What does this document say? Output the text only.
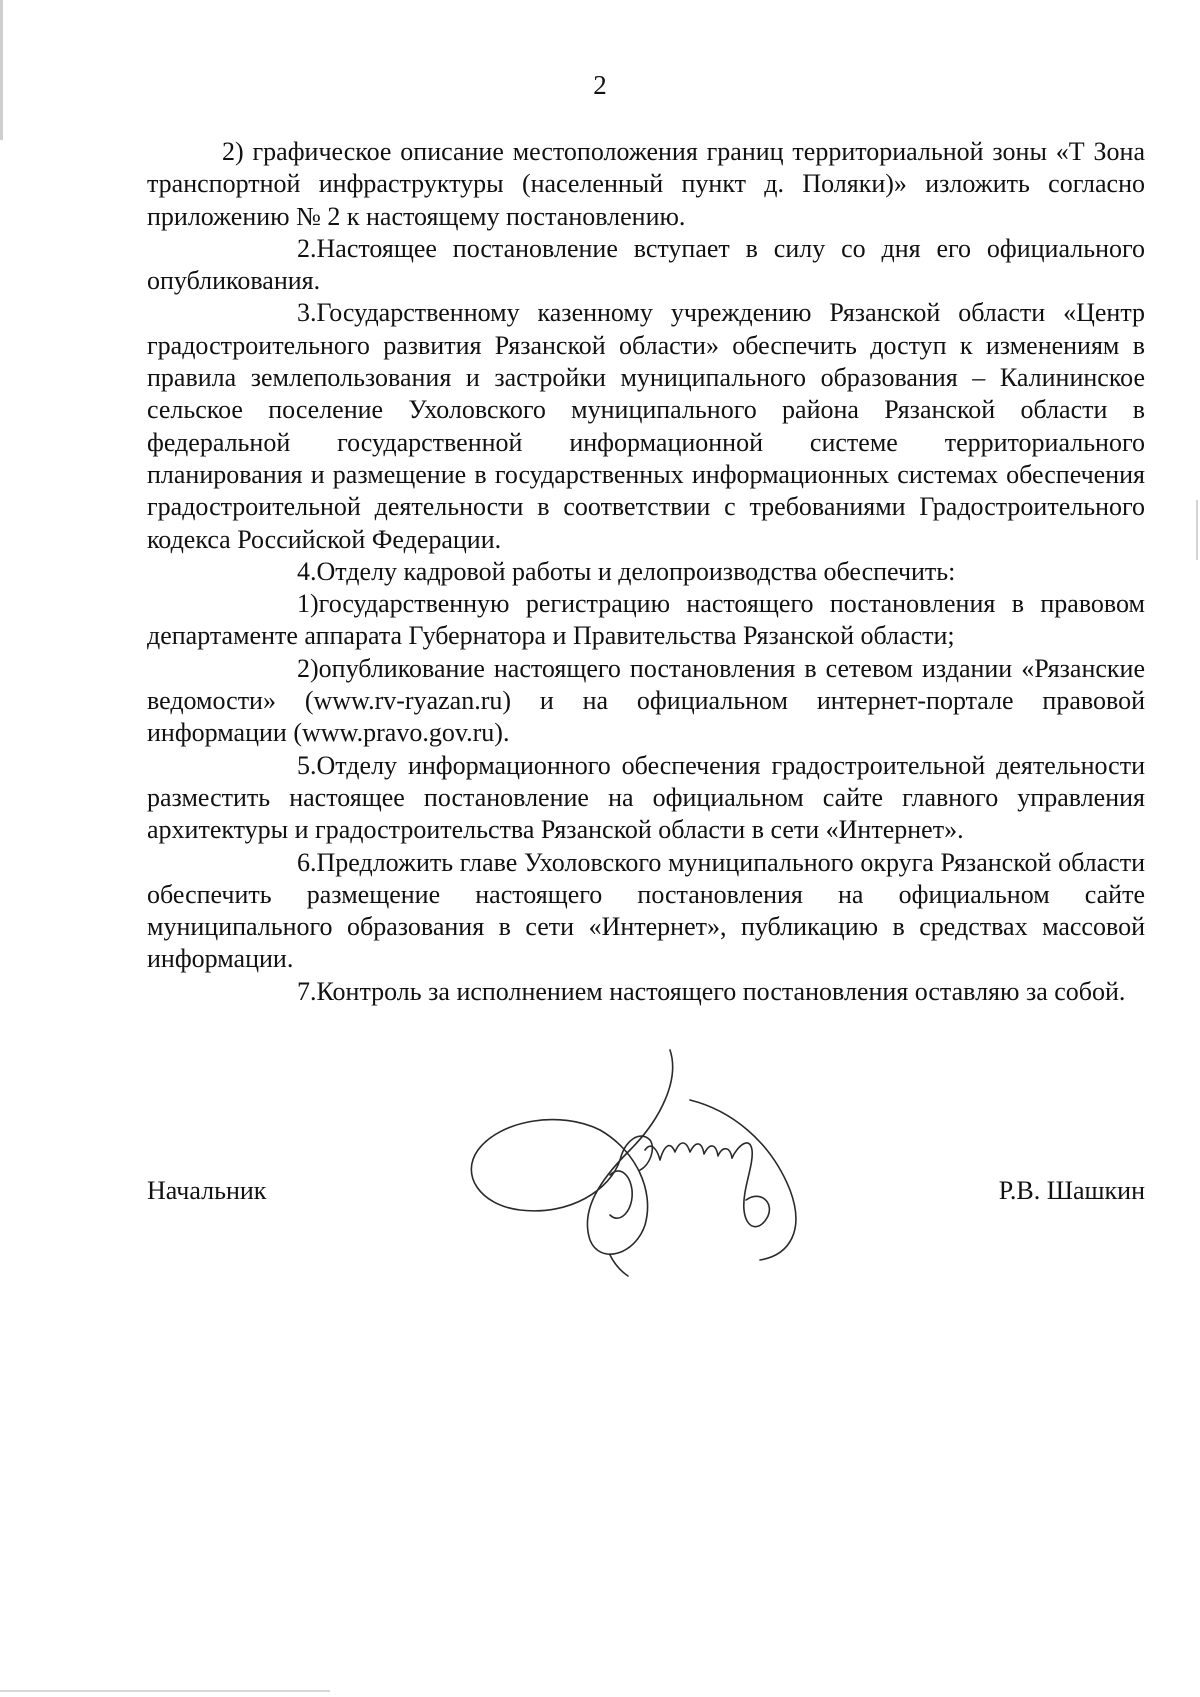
2

2) графическое описание местоположения границ территориальной зоны «Т Зона транспортной инфраструктуры (населенный пункт д. Поляки)» изложить согласно приложению № 2 к настоящему постановлению.

2.Настоящее постановление вступает в силу со дня его официального опубликования.

3.Государственному казенному учреждению Рязанской области «Центр градостроительного развития Рязанской области» обеспечить доступ к изменениям в правила землепользования и застройки муниципального образования – Калининское сельское поселение Ухоловского муниципального района Рязанской области в федеральной государственной информационной системе территориального планирования и размещение в государственных информационных системах обеспечения градостроительной деятельности в соответствии с требованиями Градостроительного кодекса Российской Федерации.

4.Отделу кадровой работы и делопроизводства обеспечить:

1)государственную регистрацию настоящего постановления в правовом департаменте аппарата Губернатора и Правительства Рязанской области;

2)опубликование настоящего постановления в сетевом издании «Рязанские ведомости» (www.rv-ryazan.ru) и на официальном интернет-портале правовой информации (www.pravo.gov.ru).

5.Отделу информационного обеспечения градостроительной деятельности разместить настоящее постановление на официальном сайте главного управления архитектуры и градостроительства Рязанской области в сети «Интернет».

6.Предложить главе Ухоловского муниципального округа Рязанской области обеспечить размещение настоящего постановления на официальном сайте муниципального образования в сети «Интернет», публикацию в средствах массовой информации.

7.Контроль за исполнением настоящего постановления оставляю за собой.

Начальник	Р.В. Шашкин
